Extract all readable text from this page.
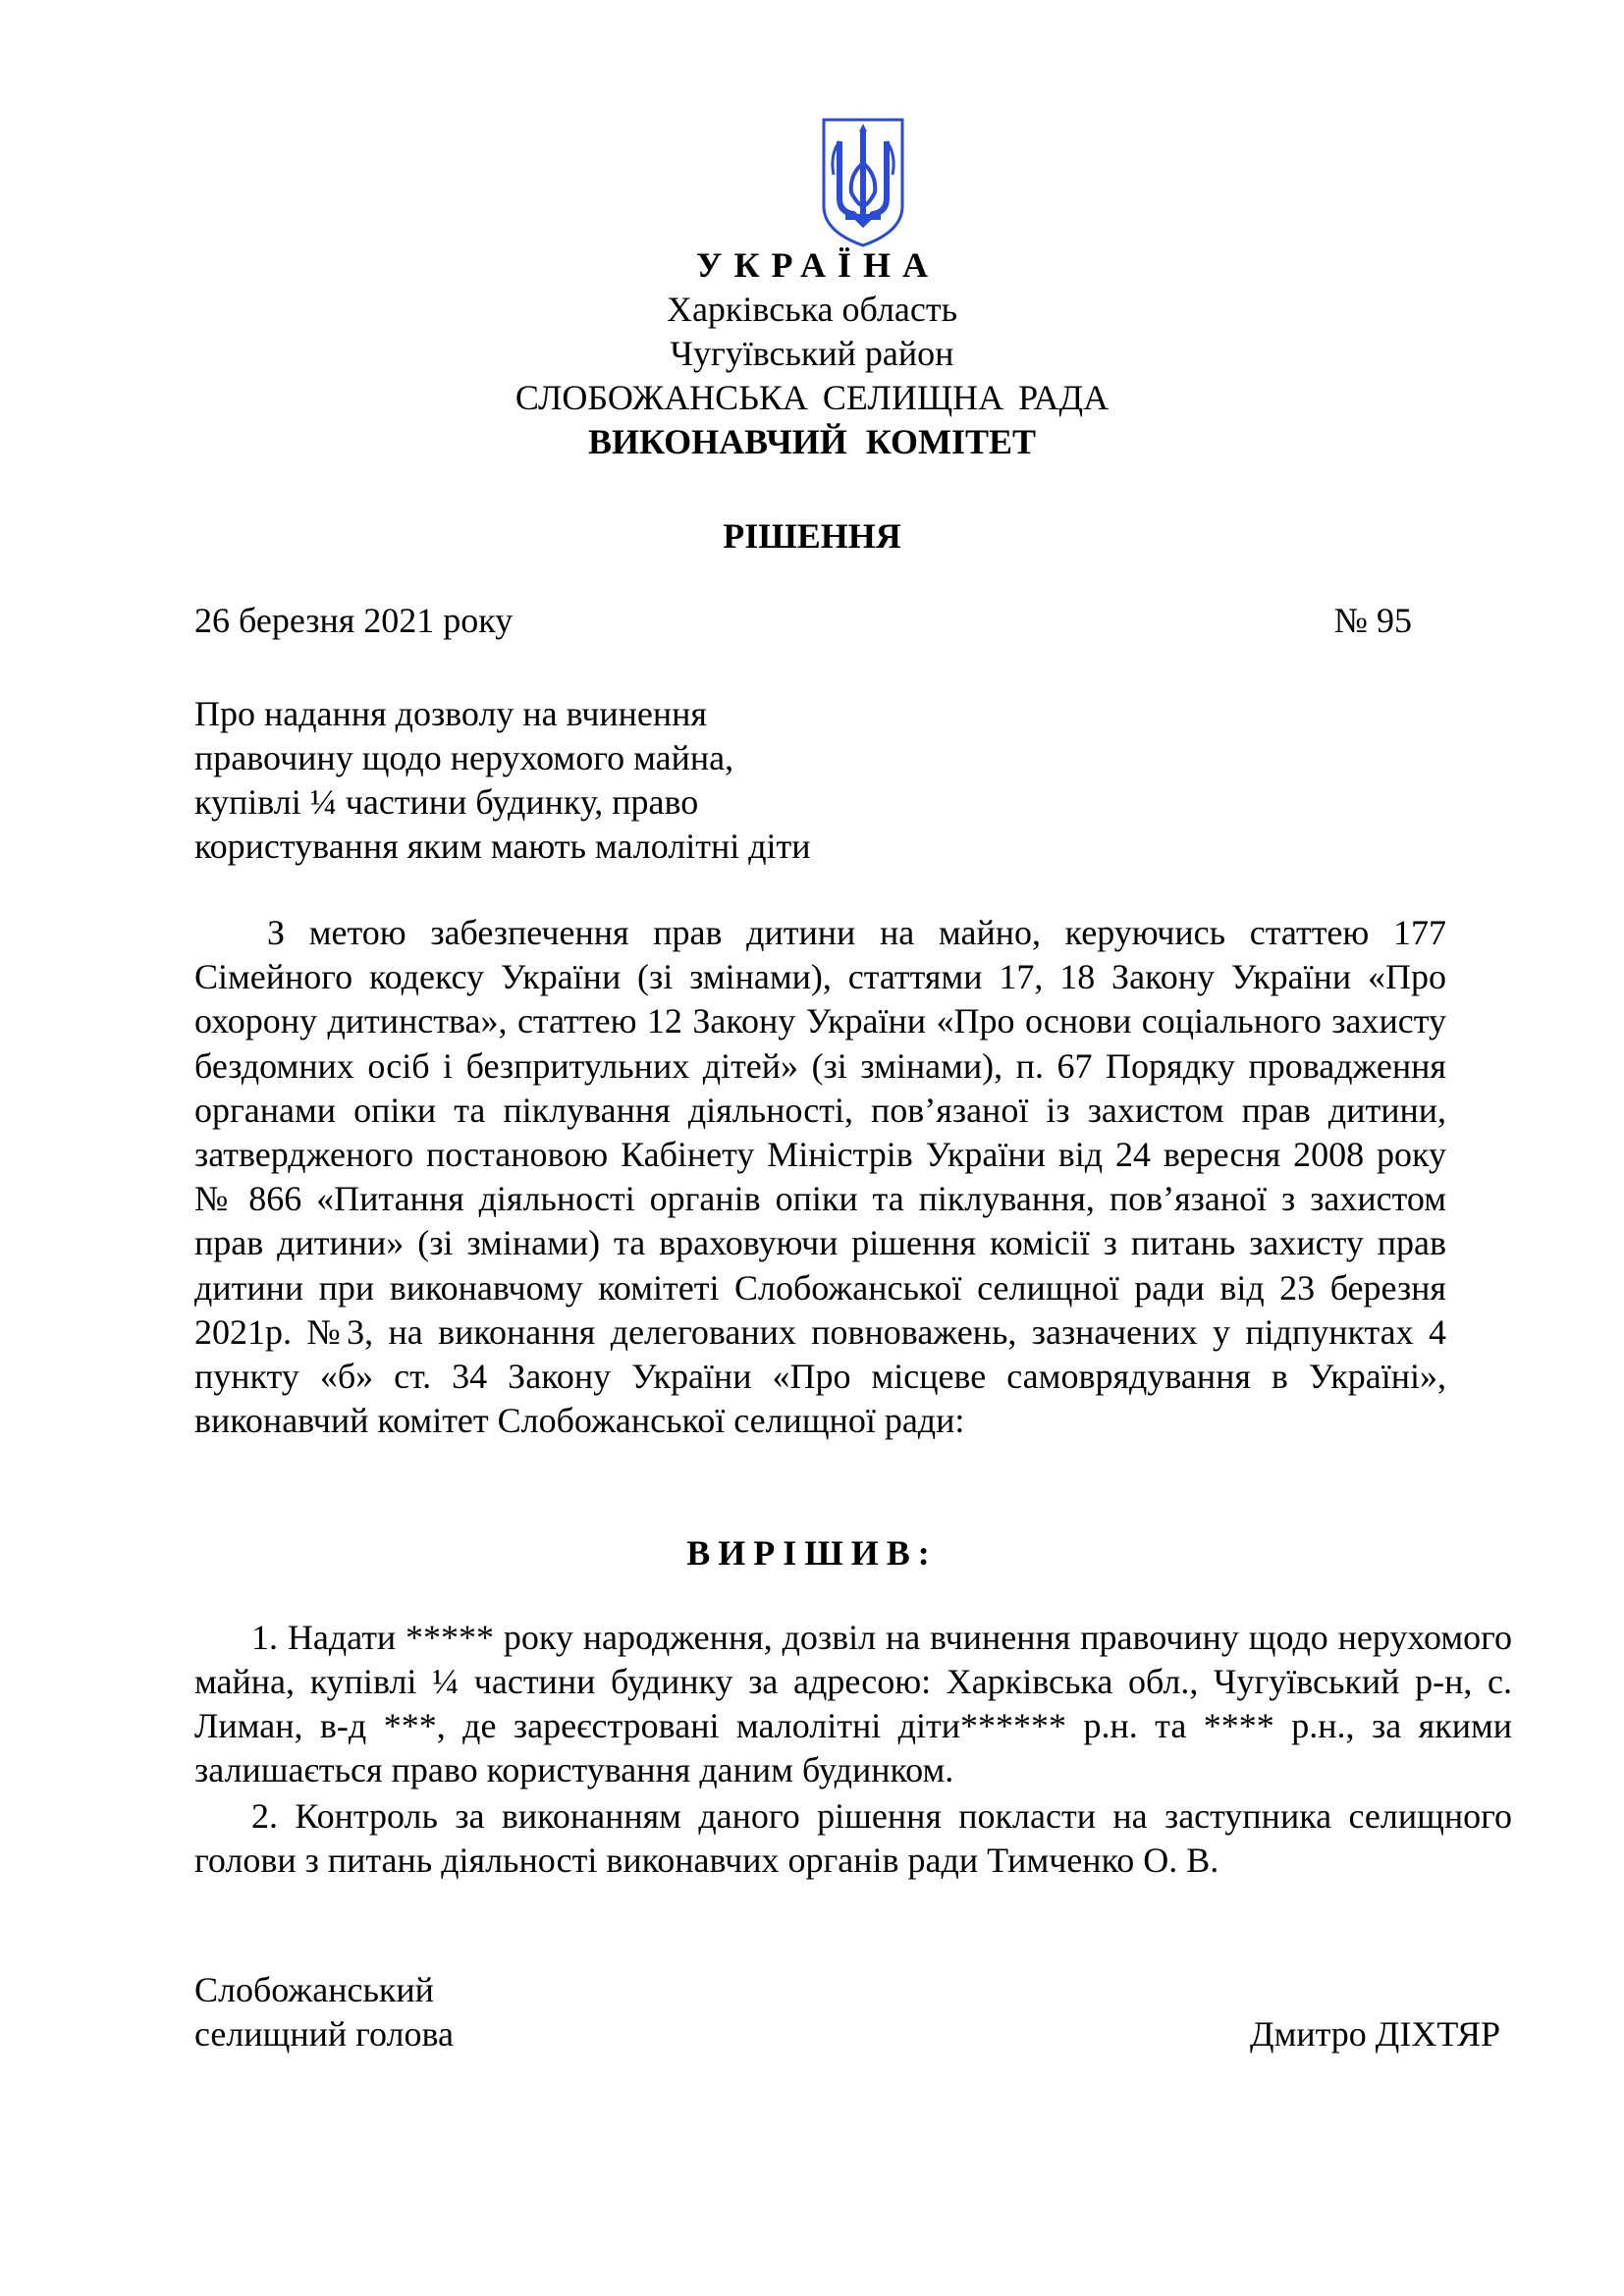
УКРАЇНА
Харківська область
Чугуївський район
СЛОБОЖАНСЬКА СЕЛИЩНА РАДА
ВИКОНАВЧИЙ КОМІТЕТ
РІШЕННЯ
26 березня 2021 року	№ 95
Про надання дозволу на вчинення
правочину щодо нерухомого майна,
купівлі ¼ частини будинку, право
користування яким мають малолітні діти
З метою забезпечення прав дитини на майно, керуючись статтею 177 Сімейного кодексу України (зі змінами), статтями 17, 18 Закону України «Про охорону дитинства», статтею 12 Закону України «Про основи соціального захисту бездомних осіб і безпритульних дітей» (зі змінами), п. 67 Порядку провадження органами опіки та піклування діяльності, пов’язаної із захистом прав дитини, затвердженого постановою Кабінету Міністрів України від 24 вересня 2008 року № 866 «Питання діяльності органів опіки та піклування, пов’язаної з захистом прав дитини» (зі змінами) та враховуючи рішення комісії з питань захисту прав дитини при виконавчому комітеті Слобожанської селищної ради від 23 березня 2021р. №3, на виконання делегованих повноважень, зазначених у підпунктах 4 пункту «б» ст. 34 Закону України «Про місцеве самоврядування в Україні», виконавчий комітет Слобожанської селищної ради:
ВИРІШИВ:

1. Надати ***** року народження, дозвіл на вчинення правочину щодо нерухомого майна, купівлі ¼ частини будинку за адресою: Харківська обл., Чугуївський р-н, с. Лиман, в-д ***, де зареєстровані малолітні діти****** р.н. та **** р.н., за якими залишається право користування даним будинком.

2. Контроль за виконанням даного рішення покласти на заступника селищного голови з питань діяльності виконавчих органів ради Тимченко О. В.

Слобожанський
селищний голова	Дмитро ДІХТЯР
